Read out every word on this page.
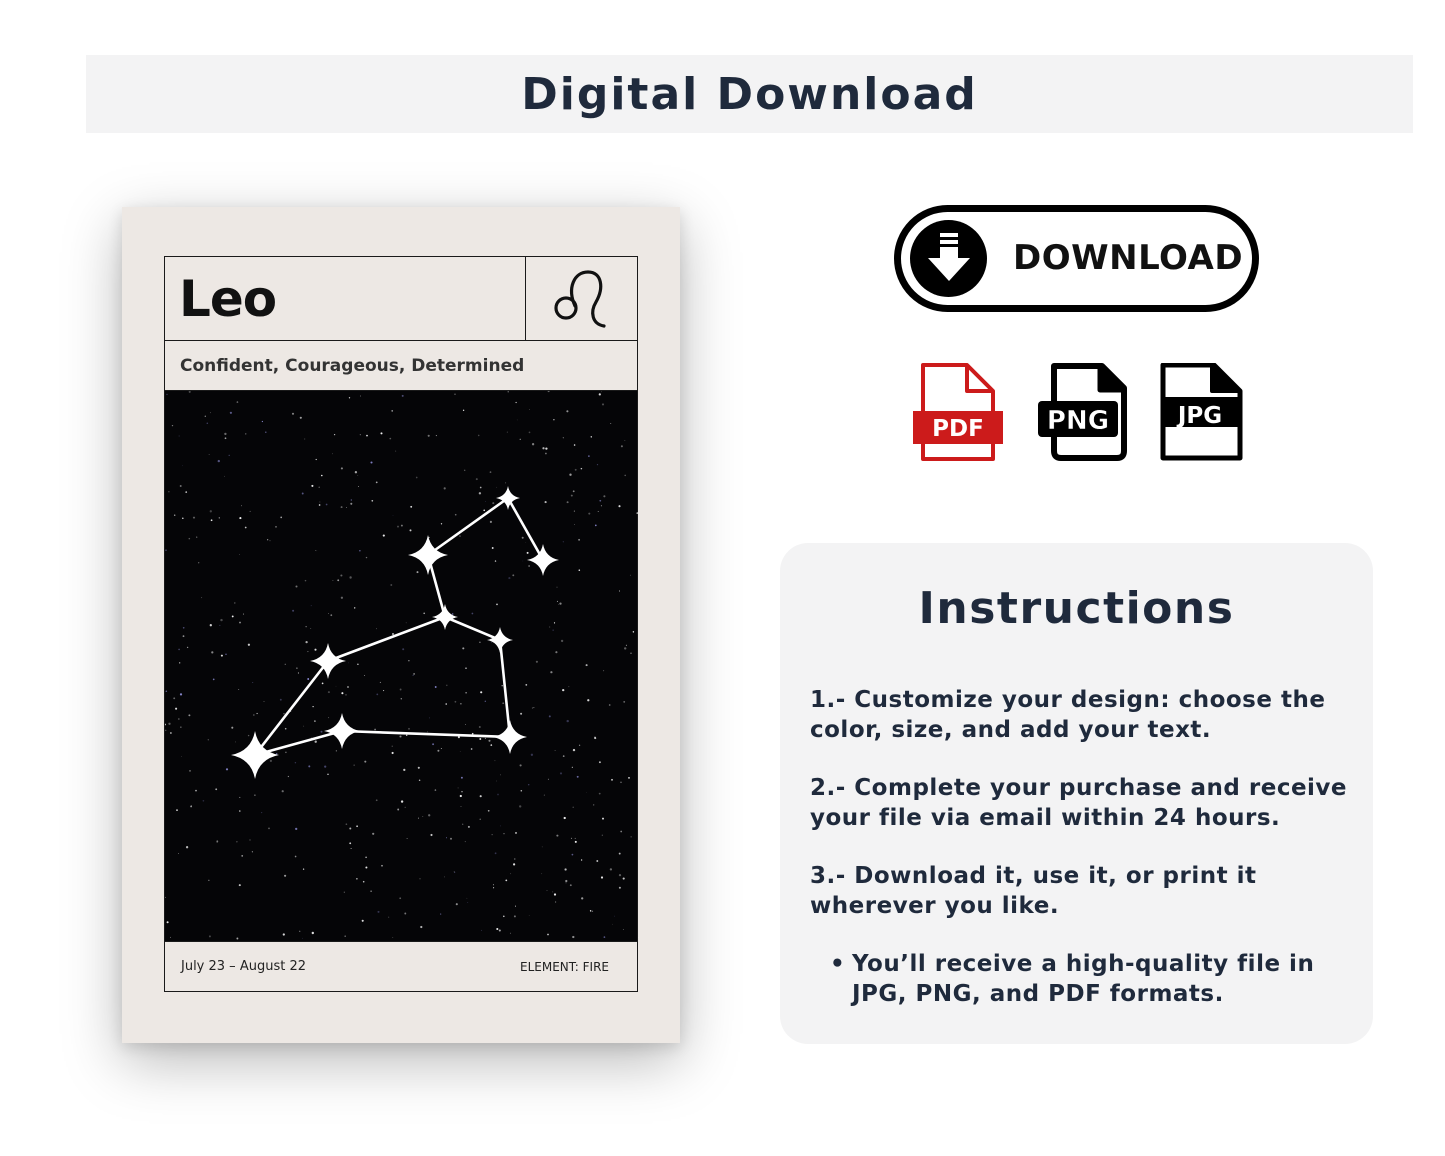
Digital Download
Leo
Confident, Courageous, Determined
July 23 – August 22	ELEMENT: FIRE
DOWNLOAD
PDF PNG	JPG
Instructions
1.- Customize your design: choose the color, size, and add your text.
2.- Complete your purchase and receive your file via email within 24 hours.
3.- Download it, use it, or print it wherever you like.
• You’ll receive a high-quality file in JPG, PNG, and PDF formats.
